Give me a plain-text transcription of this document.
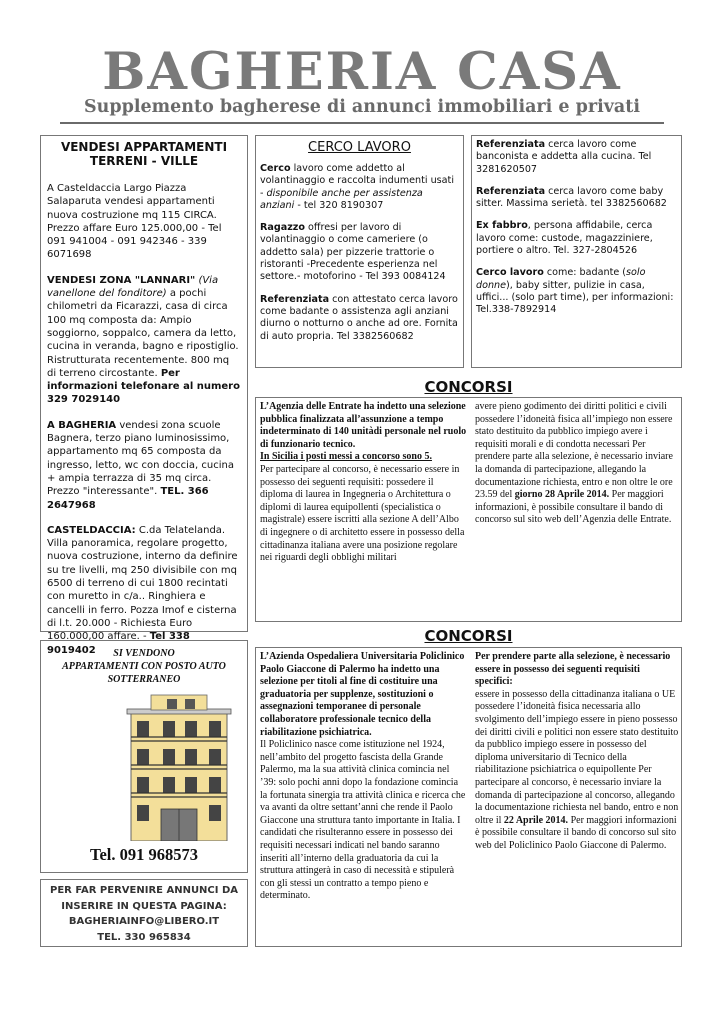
BAGHERIA CASA
Supplemento bagherese di annunci immobiliari e privati
VENDESI APPARTAMENTI TERRENI - VILLE

A Casteldaccia Largo Piazza Salaparuta vendesi appartamenti nuova costruzione mq 115 CIRCA. Prezzo affare Euro 125.000,00 - Tel 091 941004 - 091 942346 - 339 6071698

VENDESI ZONA "LANNARI" (Via vanellone del fonditore) a pochi chilometri da Ficarazzi, casa di circa 100 mq composta da: Ampio soggiorno, soppalco, camera da letto, cucina in veranda, bagno e ripostiglio. Ristrutturata recentemente. 800 mq di terreno circostante. Per informazioni telefonare al numero 329 7029140

A BAGHERIA vendesi zona scuole Bagnera, terzo piano luminosissimo, appartamento mq 65 composta da ingresso, letto, wc con doccia, cucina + ampia terrazza di 35 mq circa. Prezzo "interessante". TEL. 366 2647968

CASTELDACCIA: C.da Telatelanda. Villa panoramica, regolare progetto, nuova costruzione, interno da definire su tre livelli, mq 250 divisibile con mq 6500 di terreno di cui 1800 recintati con muretto in c/a.. Ringhiera e cancelli in ferro. Pozza Imof e cisterna di l.t. 20.000 - Richiesta Euro 160.000,00 affare. - Tel 338 9019402	SI VENDONO
APPARTAMENTI CON POSTO AUTO
SOTTERRANEO
Tel. 091 968573
PER FAR PERVENIRE ANNUNCI DA
INSERIRE IN QUESTA PAGINA:
BAGHERIAINFO@LIBERO.IT
TEL. 330 965834
CERCO LAVORO

Cerco lavoro come addetto al volantinaggio e raccolta indumenti usati - disponibile anche per assistenza anziani - tel 320 8190307

Ragazzo offresi per lavoro di volantinaggio o come cameriere (o addetto sala) per pizzerie trattorie o ristoranti -Precedente esperienza nel settore.- motoforino - Tel 393 0084124

Referenziata con attestato cerca lavoro come badante o assistenza agli anziani diurno o notturno o anche ad ore. Fornita di auto propria. Tel 3382560682

Referenziata cerca lavoro come banconista e addetta alla cucina. Tel 3281620507

Referenziata cerca lavoro come baby sitter. Massima serietà. tel 3382560682

Ex fabbro, persona affidabile, cerca lavoro come: custode, magazziniere, portiere o altro. Tel. 327-2804526

Cerco lavoro come: badante (solo donne), baby sitter, pulizie in casa, uffici... (solo part time), per informazioni: Tel.338-7892914

CONCORSI

L’Agenzia delle Entrate ha indetto una selezione pubblica finalizzata all’assunzione a tempo indeterminato di 140 unitàdi personale nel ruolo di funzionario tecnico.

In Sicilia i posti messi a concorso sono 5.

Per partecipare al concorso, è necessario essere in possesso dei seguenti requisiti: possedere il diploma di laurea in Ingegneria o Architettura o diplomi di laurea equipollenti (specialistica o magistrale) essere iscritti alla sezione A dell’Albo di ingegnere o di architetto essere in possesso della cittadinanza italiana avere una posizione regolare nei riguardi degli obblighi militari

avere pieno godimento dei diritti politici e civili possedere l’idoneità fisica all’impiego non essere stato destituito da pubblico impiego avere i requisiti morali e di condotta necessari Per prendere parte alla selezione, è necessario inviare la domanda di partecipazione, allegando la documentazione richiesta, entro e non oltre le ore 23.59 del giorno 28 Aprile 2014. Per maggiori informazioni, è possibile consultare il bando di concorso sul sito web dell’Agenzia delle Entrate.

CONCORSI

L’Azienda Ospedaliera Universitaria Policlinico Paolo Giaccone di Palermo ha indetto una selezione per titoli al fine di costituire una graduatoria per supplenze, sostituzioni o assegnazioni temporanee di personale collaboratore professionale tecnico della riabilitazione psichiatrica.

Il Policlinico nasce come istituzione nel 1924, nell’ambito del progetto fascista della Grande Palermo, ma la sua attività clinica comincia nel ’39: solo pochi anni dopo la fondazione comincia la fortunata sinergia tra attività clinica e ricerca che va avanti da oltre settant’anni che rende il Paolo Giaccone una struttura tanto importante in Italia. I candidati che risulteranno essere in possesso dei requisiti necessari indicati nel bando saranno inseriti all’interno della graduatoria da cui la struttura attingerà in caso di necessità e stipulerà con gli stessi un contratto a tempo pieno e determinato.

Per prendere parte alla selezione, è necessario essere in possesso dei seguenti requisiti specifici:

essere in possesso della cittadinanza italiana o UE possedere l’idoneità fisica necessaria allo svolgimento dell’impiego essere in pieno possesso dei diritti civili e politici non essere stato destituito da pubblico impiego essere in possesso del diploma universitario di Tecnico della riabilitazione psichiatrica o equipollente Per partecipare al concorso, è necessario inviare la domanda di partecipazione al concorso, allegando la documentazione richiesta nel bando, entro e non oltre il 22 Aprile 2014. Per maggiori informazioni è possibile consultare il bando di concorso sul sito web del Policlinico Paolo Giaccone di Palermo.
